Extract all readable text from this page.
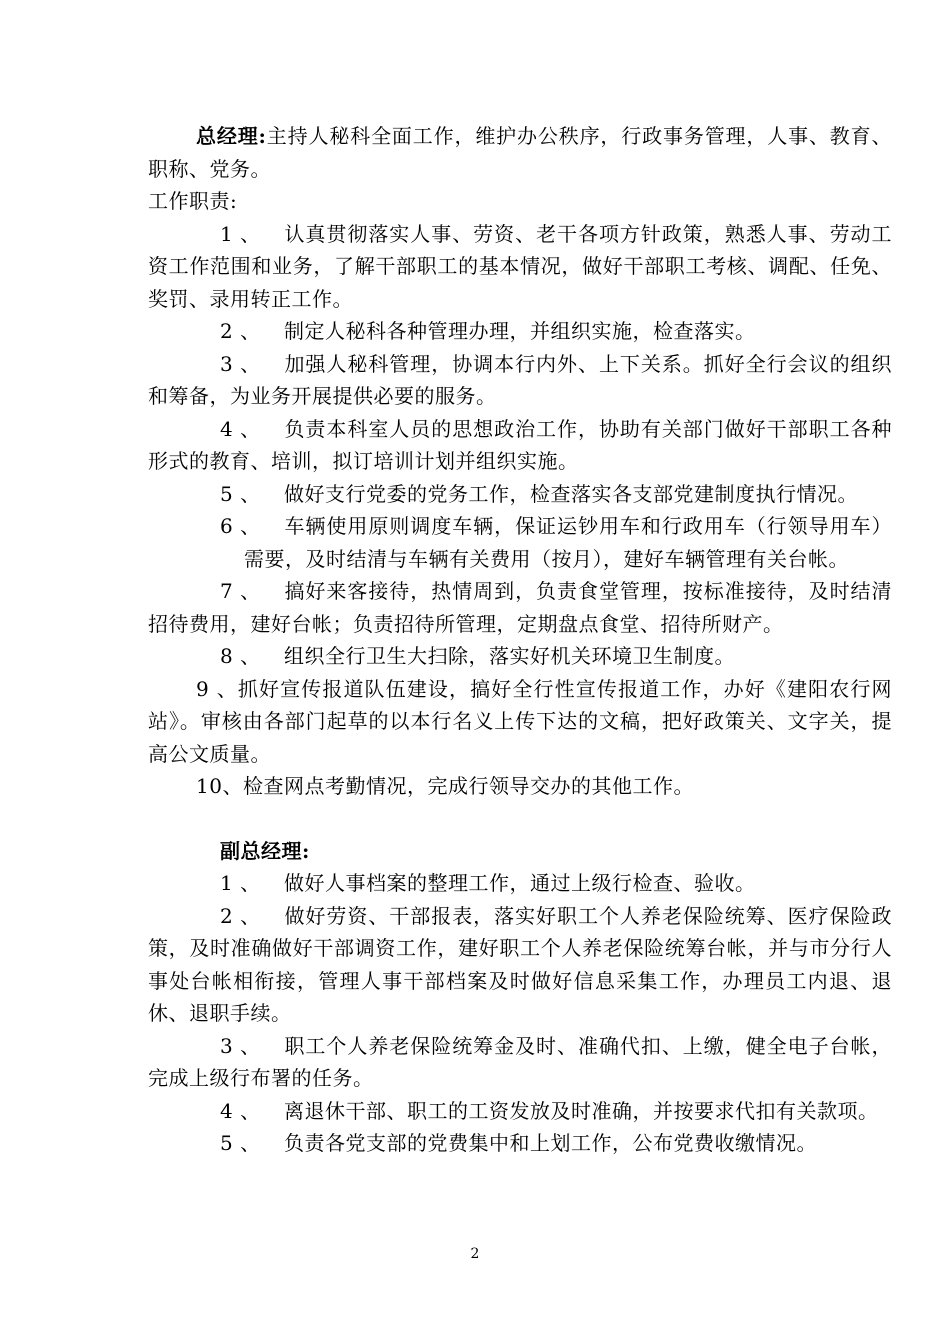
总经理:主持人秘科全面工作，维护办公秩序，行政事务管理，人事、教育、职称、党务。

工作职责:

1 、 认真贯彻落实人事、劳资、老干各项方针政策，熟悉人事、劳动工资工作范围和业务，了解干部职工的基本情况，做好干部职工考核、调配、任免、奖罚、录用转正工作。

2 、 制定人秘科各种管理办理，并组织实施，检查落实。

3 、 加强人秘科管理，协调本行内外、上下关系。抓好全行会议的组织和筹备，为业务开展提供必要的服务。

4 、 负责本科室人员的思想政治工作，协助有关部门做好干部职工各种形式的教育、培训，拟订培训计划并组织实施。

5 、 做好支行党委的党务工作，检查落实各支部党建制度执行情况。

6 、 车辆使用原则调度车辆，保证运钞用车和行政用车（行领导用车）需要，及时结清与车辆有关费用（按月），建好车辆管理有关台帐。

7 、 搞好来客接待，热情周到，负责食堂管理，按标准接待，及时结清招待费用，建好台帐；负责招待所管理，定期盘点食堂、招待所财产。

8 、 组织全行卫生大扫除，落实好机关环境卫生制度。

9 、抓好宣传报道队伍建设，搞好全行性宣传报道工作，办好《建阳农行网站》。审核由各部门起草的以本行名义上传下达的文稿，把好政策关、文字关，提高公文质量。

10、检查网点考勤情况，完成行领导交办的其他工作。

副总经理:

1 、 做好人事档案的整理工作，通过上级行检查、验收。

2 、 做好劳资、干部报表，落实好职工个人养老保险统筹、医疗保险政策，及时准确做好干部调资工作，建好职工个人养老保险统筹台帐，并与市分行人事处台帐相衔接，管理人事干部档案及时做好信息采集工作，办理员工内退、退休、退职手续。

3 、 职工个人养老保险统筹金及时、准确代扣、上缴，健全电子台帐，完成上级行布署的任务。

4 、 离退休干部、职工的工资发放及时准确，并按要求代扣有关款项。

5 、 负责各党支部的党费集中和上划工作，公布党费收缴情况。

2
